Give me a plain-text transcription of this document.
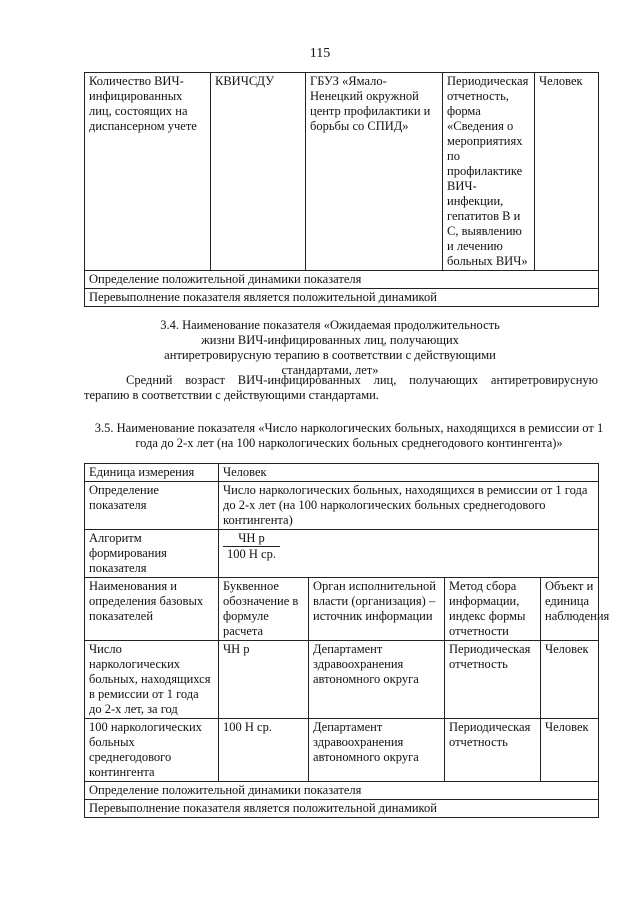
115
Количество ВИЧ-инфицированных лиц, состоящих на диспансерном учете	КВИЧСДУ	ГБУЗ «Ямало-Ненецкий окружной центр профилактики и борьбы со СПИД»	Периодическая отчетность, форма «Сведения о мероприятиях по профилактике ВИЧ-инфекции, гепатитов В и С, выявлению и лечению больных ВИЧ»	Человек
Определение положительной динамики показателя
Перевыполнение показателя является положительной динамикой
3.4. Наименование показателя «Ожидаемая продолжительность жизни ВИЧ-инфицированных лиц, получающих антиретровирусную терапию в соответствии с действующими стандартами, лет»
Средний возраст ВИЧ-инфицированных лиц, получающих антиретровирусную терапию в соответствии с действующими стандартами.
3.5. Наименование показателя «Число наркологических больных, находящихся в ремиссии от 1 года до 2-х лет (на 100 наркологических больных среднегодового контингента)»
Единица измерения	Человек			
Определение показателя	Число наркологических больных, находящихся в ремиссии от 1 года до 2-х лет (на 100 наркологических больных среднегодового контингента)			
Алгоритм формирования показателя	$\frac{\text{ЧН р}}{\text{100 Н ср.}}$

Наименования и определения базовых показателей	Буквенное обозначение в формуле расчета	Орган исполнительной власти (организация) – источник информации	Метод сбора информации, индекс формы отчетности	Объект и единица наблюдения
Число наркологических больных, находящихся в ремиссии от 1 года до 2-х лет, за год	ЧН р	Департамент здравоохранения автономного округа	Периодическая отчетность	Человек
100 наркологических больных среднегодового контингента	100 Н ср.	Департамент здравоохранения автономного округа	Периодическая отчетность	Человек
Определение положительной динамики показателя				
Перевыполнение показателя является положительной динамикой				
